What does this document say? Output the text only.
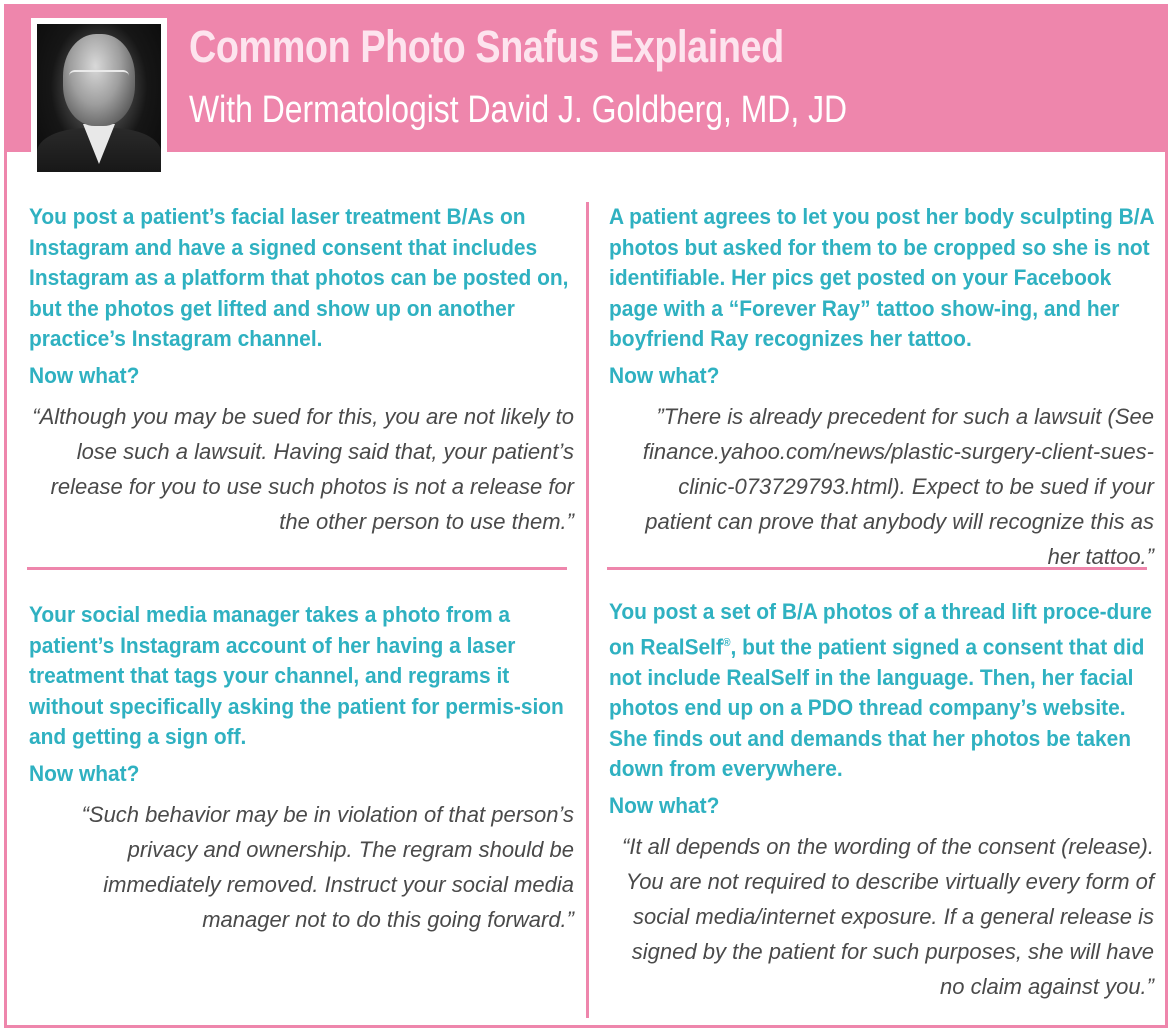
Common Photo Snafus Explained
With Dermatologist David J. Goldberg, MD, JD
You post a patient’s facial laser treatment B/As on Instagram and have a signed consent that includes Instagram as a platform that photos can be posted on, but the photos get lifted and show up on another practice’s Instagram channel.
Now what?
“Although you may be sued for this, you are not likely to lose such a lawsuit. Having said that, your patient’s release for you to use such photos is not a release for the other person to use them.”
A patient agrees to let you post her body sculpting B/A photos but asked for them to be cropped so she is not identifiable. Her pics get posted on your Facebook page with a “Forever Ray” tattoo show-ing, and her boyfriend Ray recognizes her tattoo.
Now what?
”There is already precedent for such a lawsuit (See finance.yahoo.com/news/plastic-surgery-client-sues-clinic-073729793.html). Expect to be sued if your patient can prove that anybody will recognize this as her tattoo.”
Your social media manager takes a photo from a patient’s Instagram account of her having a laser treatment that tags your channel, and regrams it without specifically asking the patient for permis-sion and getting a sign off.
Now what?
“Such behavior may be in violation of that person’s privacy and ownership. The regram should be immediately removed. Instruct your social media manager not to do this going forward.”
You post a set of B/A photos of a thread lift proce-dure on RealSelf®, but the patient signed a consent that did not include RealSelf in the language. Then, her facial photos end up on a PDO thread company’s website. She finds out and demands that her photos be taken down from everywhere.
Now what?
“It all depends on the wording of the consent (release). You are not required to describe virtually every form of social media/internet exposure. If a general release is signed by the patient for such purposes, she will have no claim against you.”
